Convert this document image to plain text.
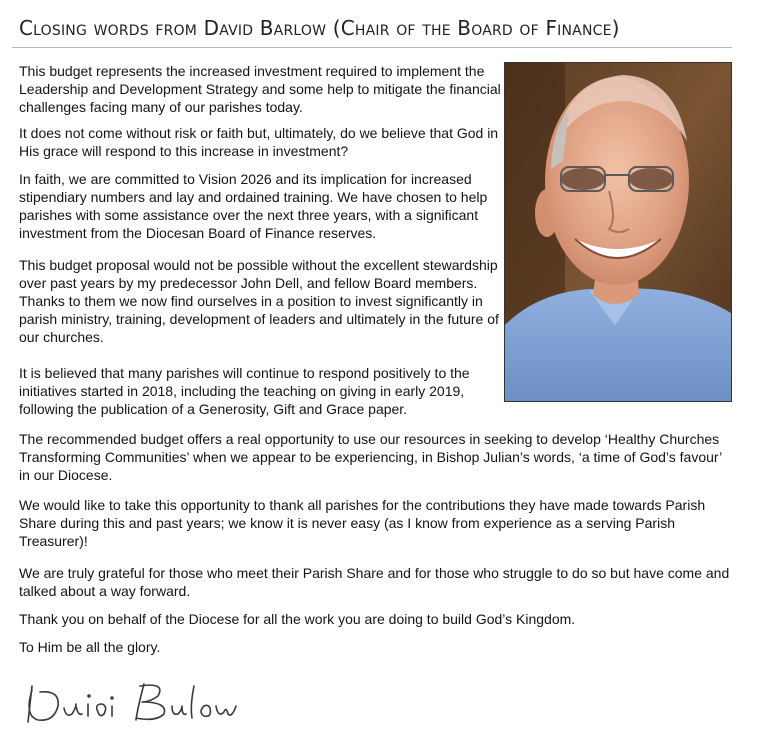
Closing words from David Barlow (Chair of the Board of Finance)

This budget represents the increased investment required to implement the Leadership and Development Strategy and some help to mitigate the financial challenges facing many of our parishes today.

It does not come without risk or faith but, ultimately, do we believe that God in His grace will respond to this increase in investment?

In faith, we are committed to Vision 2026 and its implication for increased stipendiary numbers and lay and ordained training. We have chosen to help parishes with some assistance over the next three years, with a significant investment from the Diocesan Board of Finance reserves.

This budget proposal would not be possible without the excellent stewardship over past years by my predecessor John Dell, and fellow Board members. Thanks to them we now find ourselves in a position to invest significantly in parish ministry, training, development of leaders and ultimately in the future of our churches.

It is believed that many parishes will continue to respond positively to the initiatives started in 2018, including the teaching on giving in early 2019, following the publication of a Generosity, Gift and Grace paper.

The recommended budget offers a real opportunity to use our resources in seeking to develop ‘Healthy Churches Transforming Communities’ when we appear to be experiencing, in Bishop Julian’s words, ‘a time of God’s favour’ in our Diocese.

We would like to take this opportunity to thank all parishes for the contributions they have made towards Parish Share during this and past years; we know it is never easy (as I know from experience as a serving Parish Treasurer)!

We are truly grateful for those who meet their Parish Share and for those who struggle to do so but have come and talked about a way forward.

Thank you on behalf of the Diocese for all the work you are doing to build God’s Kingdom.

To Him be all the glory.
